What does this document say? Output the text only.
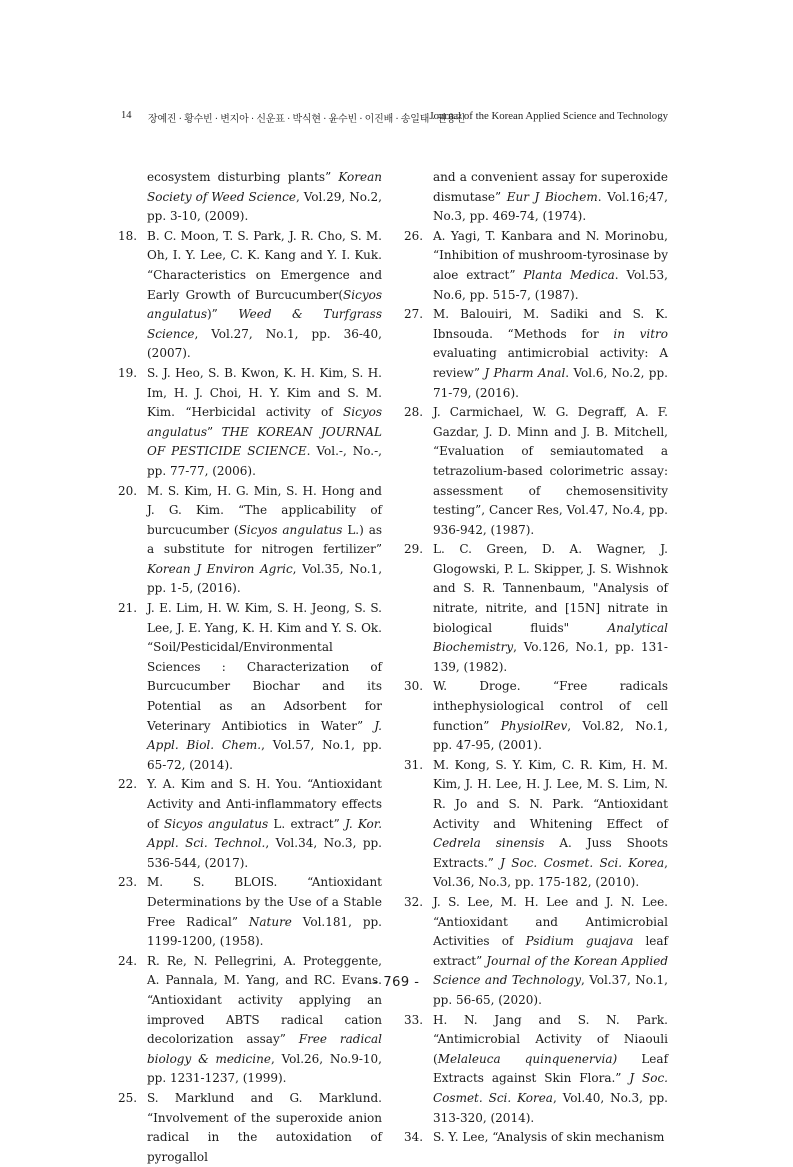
14 장예진 · 황수빈 · 변지아 · 신운표 · 박식현 · 윤수빈 · 이진배 · 송일태 · 권용진
Journal of the Korean Applied Science and Technology
ecosystem disturbing plants” Korean Society of Weed Science, Vol.29, No.2, pp. 3-10, (2009).
18. B. C. Moon, T. S. Park, J. R. Cho, S. M. Oh, I. Y. Lee, C. K. Kang and Y. I. Kuk. “Characteristics on Emergence and Early Growth of Burcucumber(Sicyos angulatus)” Weed & Turfgrass Science, Vol.27, No.1, pp. 36-40, (2007).
19. S. J. Heo, S. B. Kwon, K. H. Kim, S. H. Im, H. J. Choi, H. Y. Kim and S. M. Kim. “Herbicidal activity of Sicyos angulatus” THE KOREAN JOURNAL OF PESTICIDE SCIENCE. Vol.-, No.-, pp. 77-77, (2006).
20. M. S. Kim, H. G. Min, S. H. Hong and J. G. Kim. “The applicability of burcucumber (Sicyos angulatus L.) as a substitute for nitrogen fertilizer” Korean J Environ Agric, Vol.35, No.1, pp. 1-5, (2016).
21. J. E. Lim, H. W. Kim, S. H. Jeong, S. S. Lee, J. E. Yang, K. H. Kim and Y. S. Ok. “Soil/Pesticidal/Environmental Sciences : Characterization of Burcucumber Biochar and its Potential as an Adsorbent for Veterinary Antibiotics in Water” J. Appl. Biol. Chem., Vol.57, No.1, pp. 65-72, (2014).
22. Y. A. Kim and S. H. You. “Antioxidant Activity and Anti-inflammatory effects of Sicyos angulatus L. extract” J. Kor. Appl. Sci. Technol., Vol.34, No.3, pp. 536-544, (2017).
23. M. S. BLOIS. “Antioxidant Determinations by the Use of a Stable Free Radical” Nature Vol.181, pp. 1199-1200, (1958).
24. R. Re, N. Pellegrini, A. Proteggente, A. Pannala, M. Yang, and RC. Evans. “Antioxidant activity applying an improved ABTS radical cation decolorization assay” Free radical biology & medicine, Vol.26, No.9-10, pp. 1231-1237, (1999).
25. S. Marklund and G. Marklund. “Involvement of the superoxide anion radical in the autoxidation of pyrogallol
and a convenient assay for superoxide dismutase” Eur J Biochem. Vol.16;47, No.3, pp. 469-74, (1974).
26. A. Yagi, T. Kanbara and N. Morinobu, “Inhibition of mushroom-tyrosinase by aloe extract” Planta Medica. Vol.53, No.6, pp. 515-7, (1987).
27. M. Balouiri, M. Sadiki and S. K. Ibnsouda. “Methods for in vitro evaluating antimicrobial activity: A review” J Pharm Anal. Vol.6, No.2, pp. 71-79, (2016).
28. J. Carmichael, W. G. Degraff, A. F. Gazdar, J. D. Minn and J. B. Mitchell, “Evaluation of semiautomated a tetrazolium-based colorimetric assay: assessment of chemosensitivity testing”, Cancer Res, Vol.47, No.4, pp. 936-942, (1987).
29. L. C. Green, D. A. Wagner, J. Glogowski, P. L. Skipper, J. S. Wishnok and S. R. Tannenbaum, "Analysis of nitrate, nitrite, and [15N] nitrate in biological fluids" Analytical Biochemistry, Vo.126, No.1, pp. 131-139, (1982).
30. W. Droge. “Free radicals inthephysiological control of cell function” PhysiolRev, Vol.82, No.1, pp. 47-95, (2001).
31. M. Kong, S. Y. Kim, C. R. Kim, H. M. Kim, J. H. Lee, H. J. Lee, M. S. Lim, N. R. Jo and S. N. Park. “Antioxidant Activity and Whitening Effect of Cedrela sinensis A. Juss Shoots Extracts.” J Soc. Cosmet. Sci. Korea, Vol.36, No.3, pp. 175-182, (2010).
32. J. S. Lee, M. H. Lee and J. N. Lee. “Antioxidant and Antimicrobial Activities of Psidium guajava leaf extract” Journal of the Korean Applied Science and Technology, Vol.37, No.1, pp. 56-65, (2020).
33. H. N. Jang and S. N. Park. “Antimicrobial Activity of Niaouli (Melaleuca quinquenervia) Leaf Extracts against Skin Flora.” J Soc. Cosmet. Sci. Korea, Vol.40, No.3, pp. 313-320, (2014).
34. S. Y. Lee, “Analysis of skin mechanism
- 769 -
